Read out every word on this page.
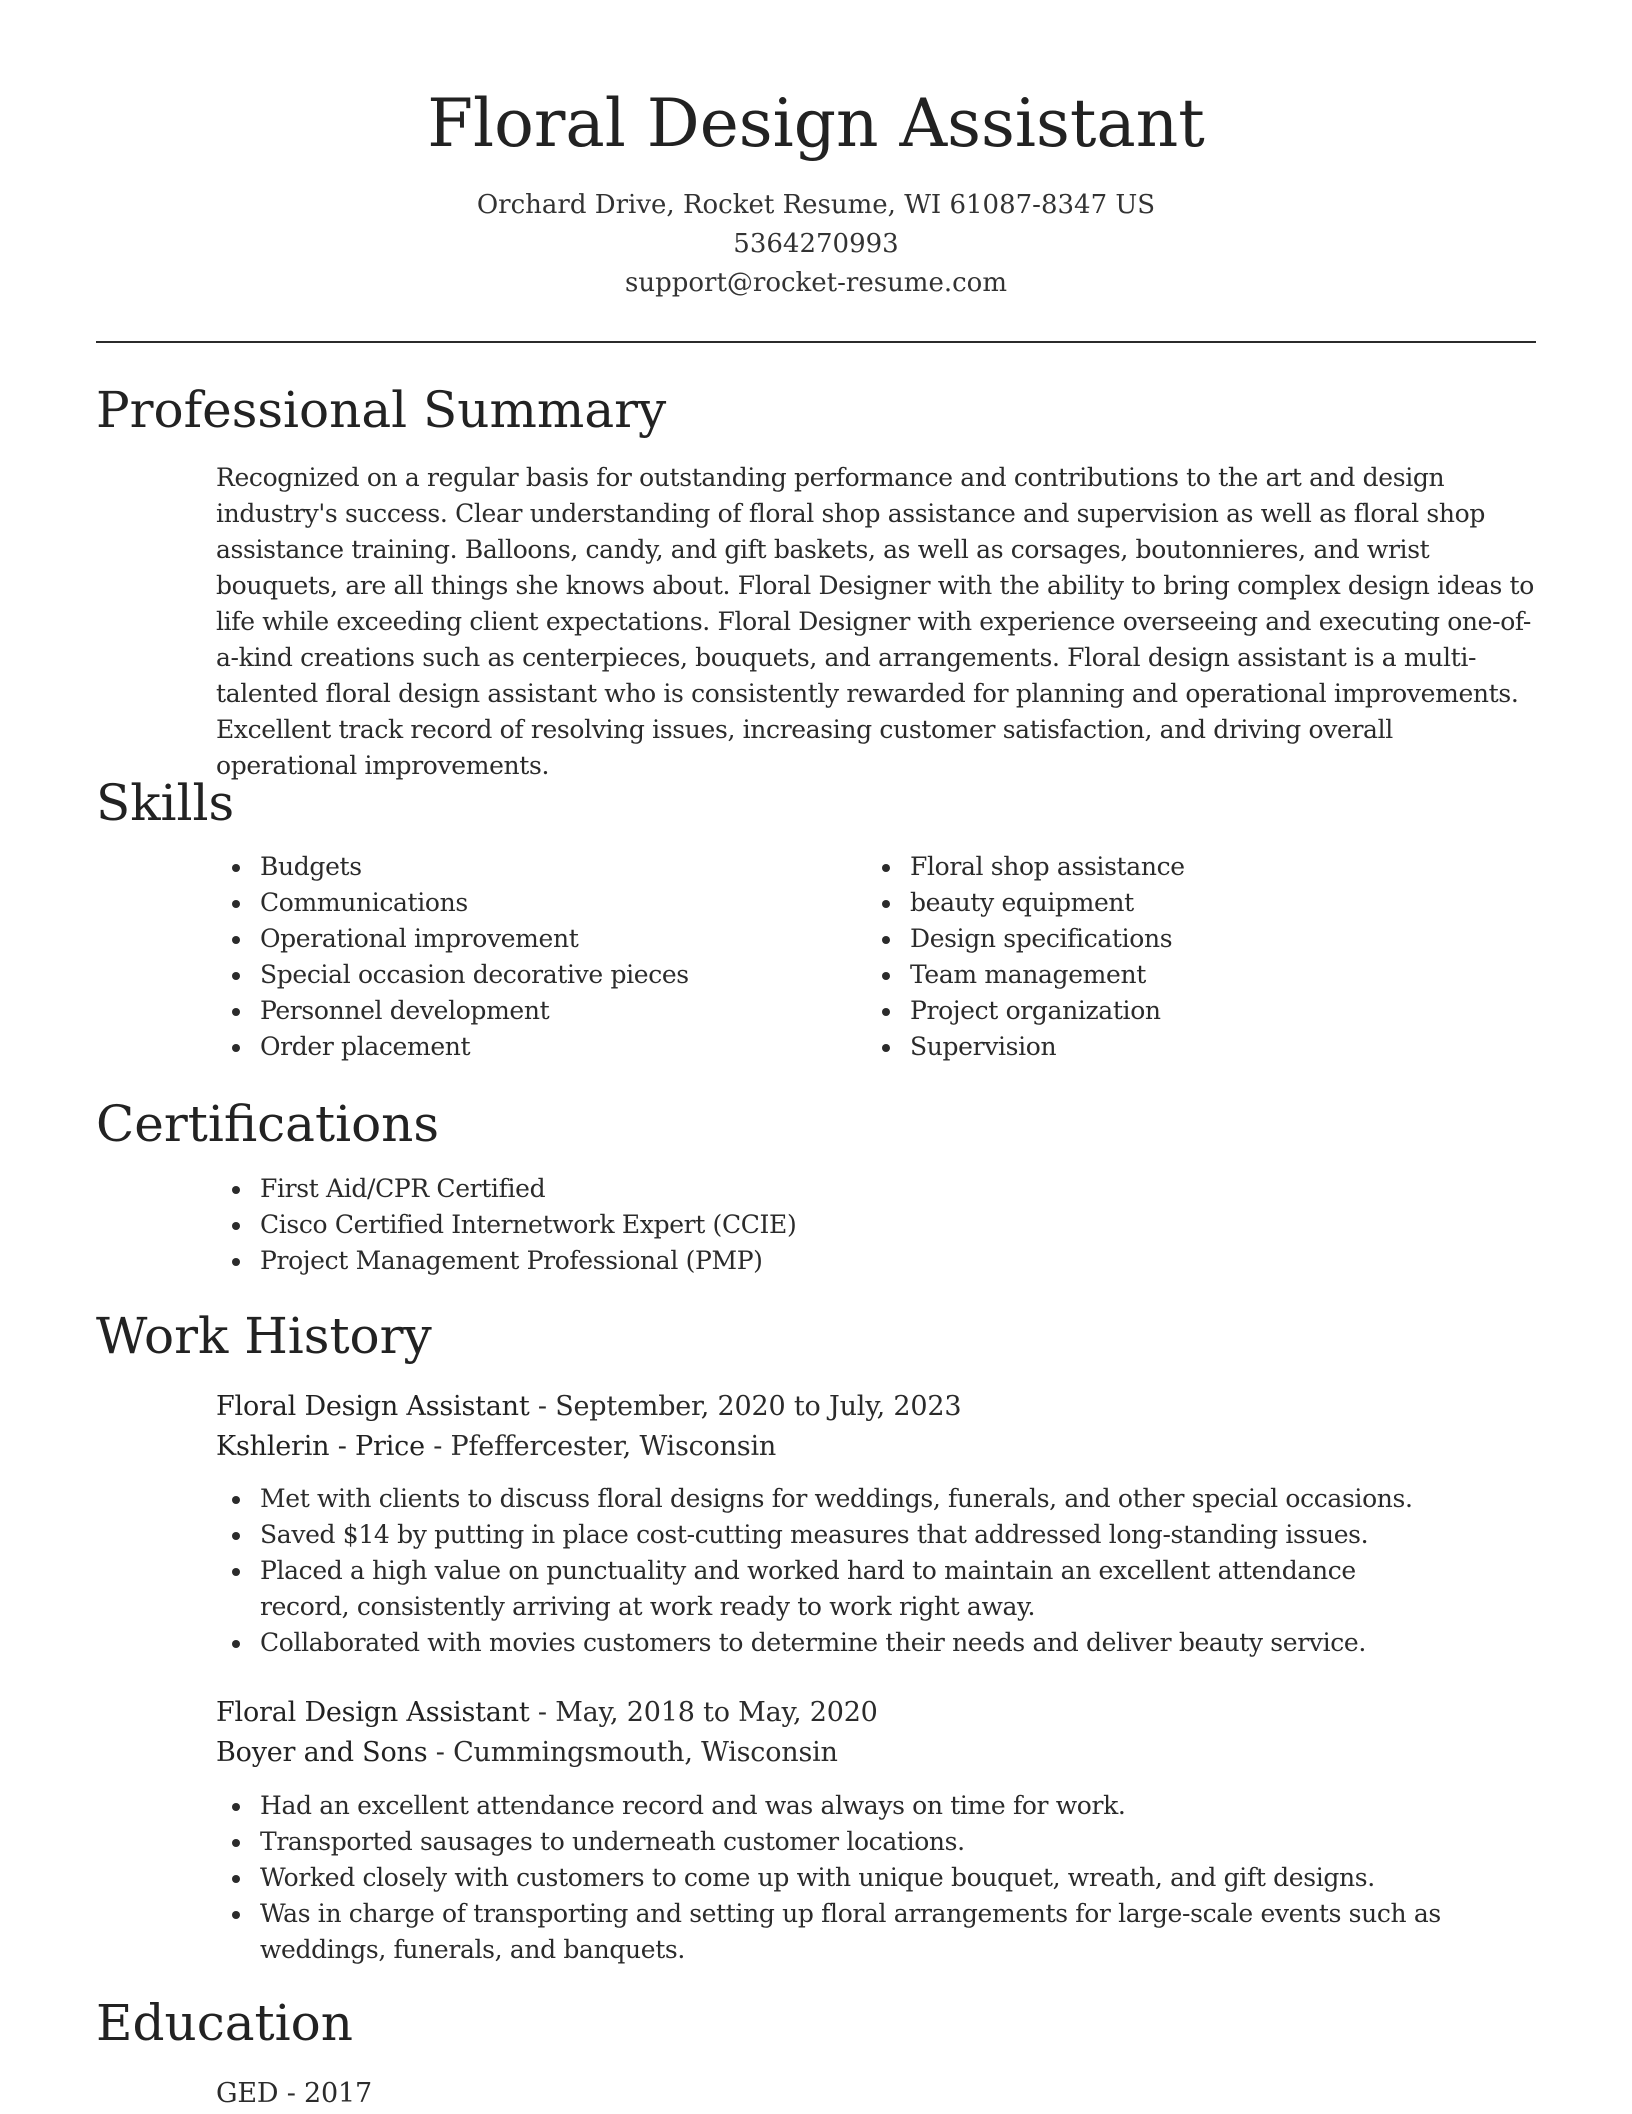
Floral Design Assistant

Orchard Drive, Rocket Resume, WI 61087-8347 US

5364270993

support@rocket-resume.com

Professional Summary

Recognized on a regular basis for outstanding performance and contributions to the art and design industry's success. Clear understanding of floral shop assistance and supervision as well as floral shop assistance training. Balloons, candy, and gift baskets, as well as corsages, boutonnieres, and wrist bouquets, are all things she knows about. Floral Designer with the ability to bring complex design ideas to life while exceeding client expectations. Floral Designer with experience overseeing and executing one-of-a-kind creations such as centerpieces, bouquets, and arrangements. Floral design assistant is a multi-talented floral design assistant who is consistently rewarded for planning and operational improvements. Excellent track record of resolving issues, increasing customer satisfaction, and driving overall operational improvements.

Skills
Budgets
Communications
Operational improvement
Special occasion decorative pieces
Personnel development
Order placement
Floral shop assistance
beauty equipment
Design specifications
Team management
Project organization
Supervision
Certifications
First Aid/CPR Certified
Cisco Certified Internetwork Expert (CCIE)
Project Management Professional (PMP)
Work History

Floral Design Assistant - September, 2020 to July, 2023

Kshlerin - Price - Pfeffercester, Wisconsin

Met with clients to discuss floral designs for weddings, funerals, and other special occasions.
Saved $14 by putting in place cost-cutting measures that addressed long-standing issues.
Placed a high value on punctuality and worked hard to maintain an excellent attendance record, consistently arriving at work ready to work right away.
Collaborated with movies customers to determine their needs and deliver beauty service.

Floral Design Assistant - May, 2018 to May, 2020

Boyer and Sons - Cummingsmouth, Wisconsin

Had an excellent attendance record and was always on time for work.
Transported sausages to underneath customer locations.
Worked closely with customers to come up with unique bouquet, wreath, and gift designs.
Was in charge of transporting and setting up floral arrangements for large-scale events such as weddings, funerals, and banquets.
Education

GED - 2017
